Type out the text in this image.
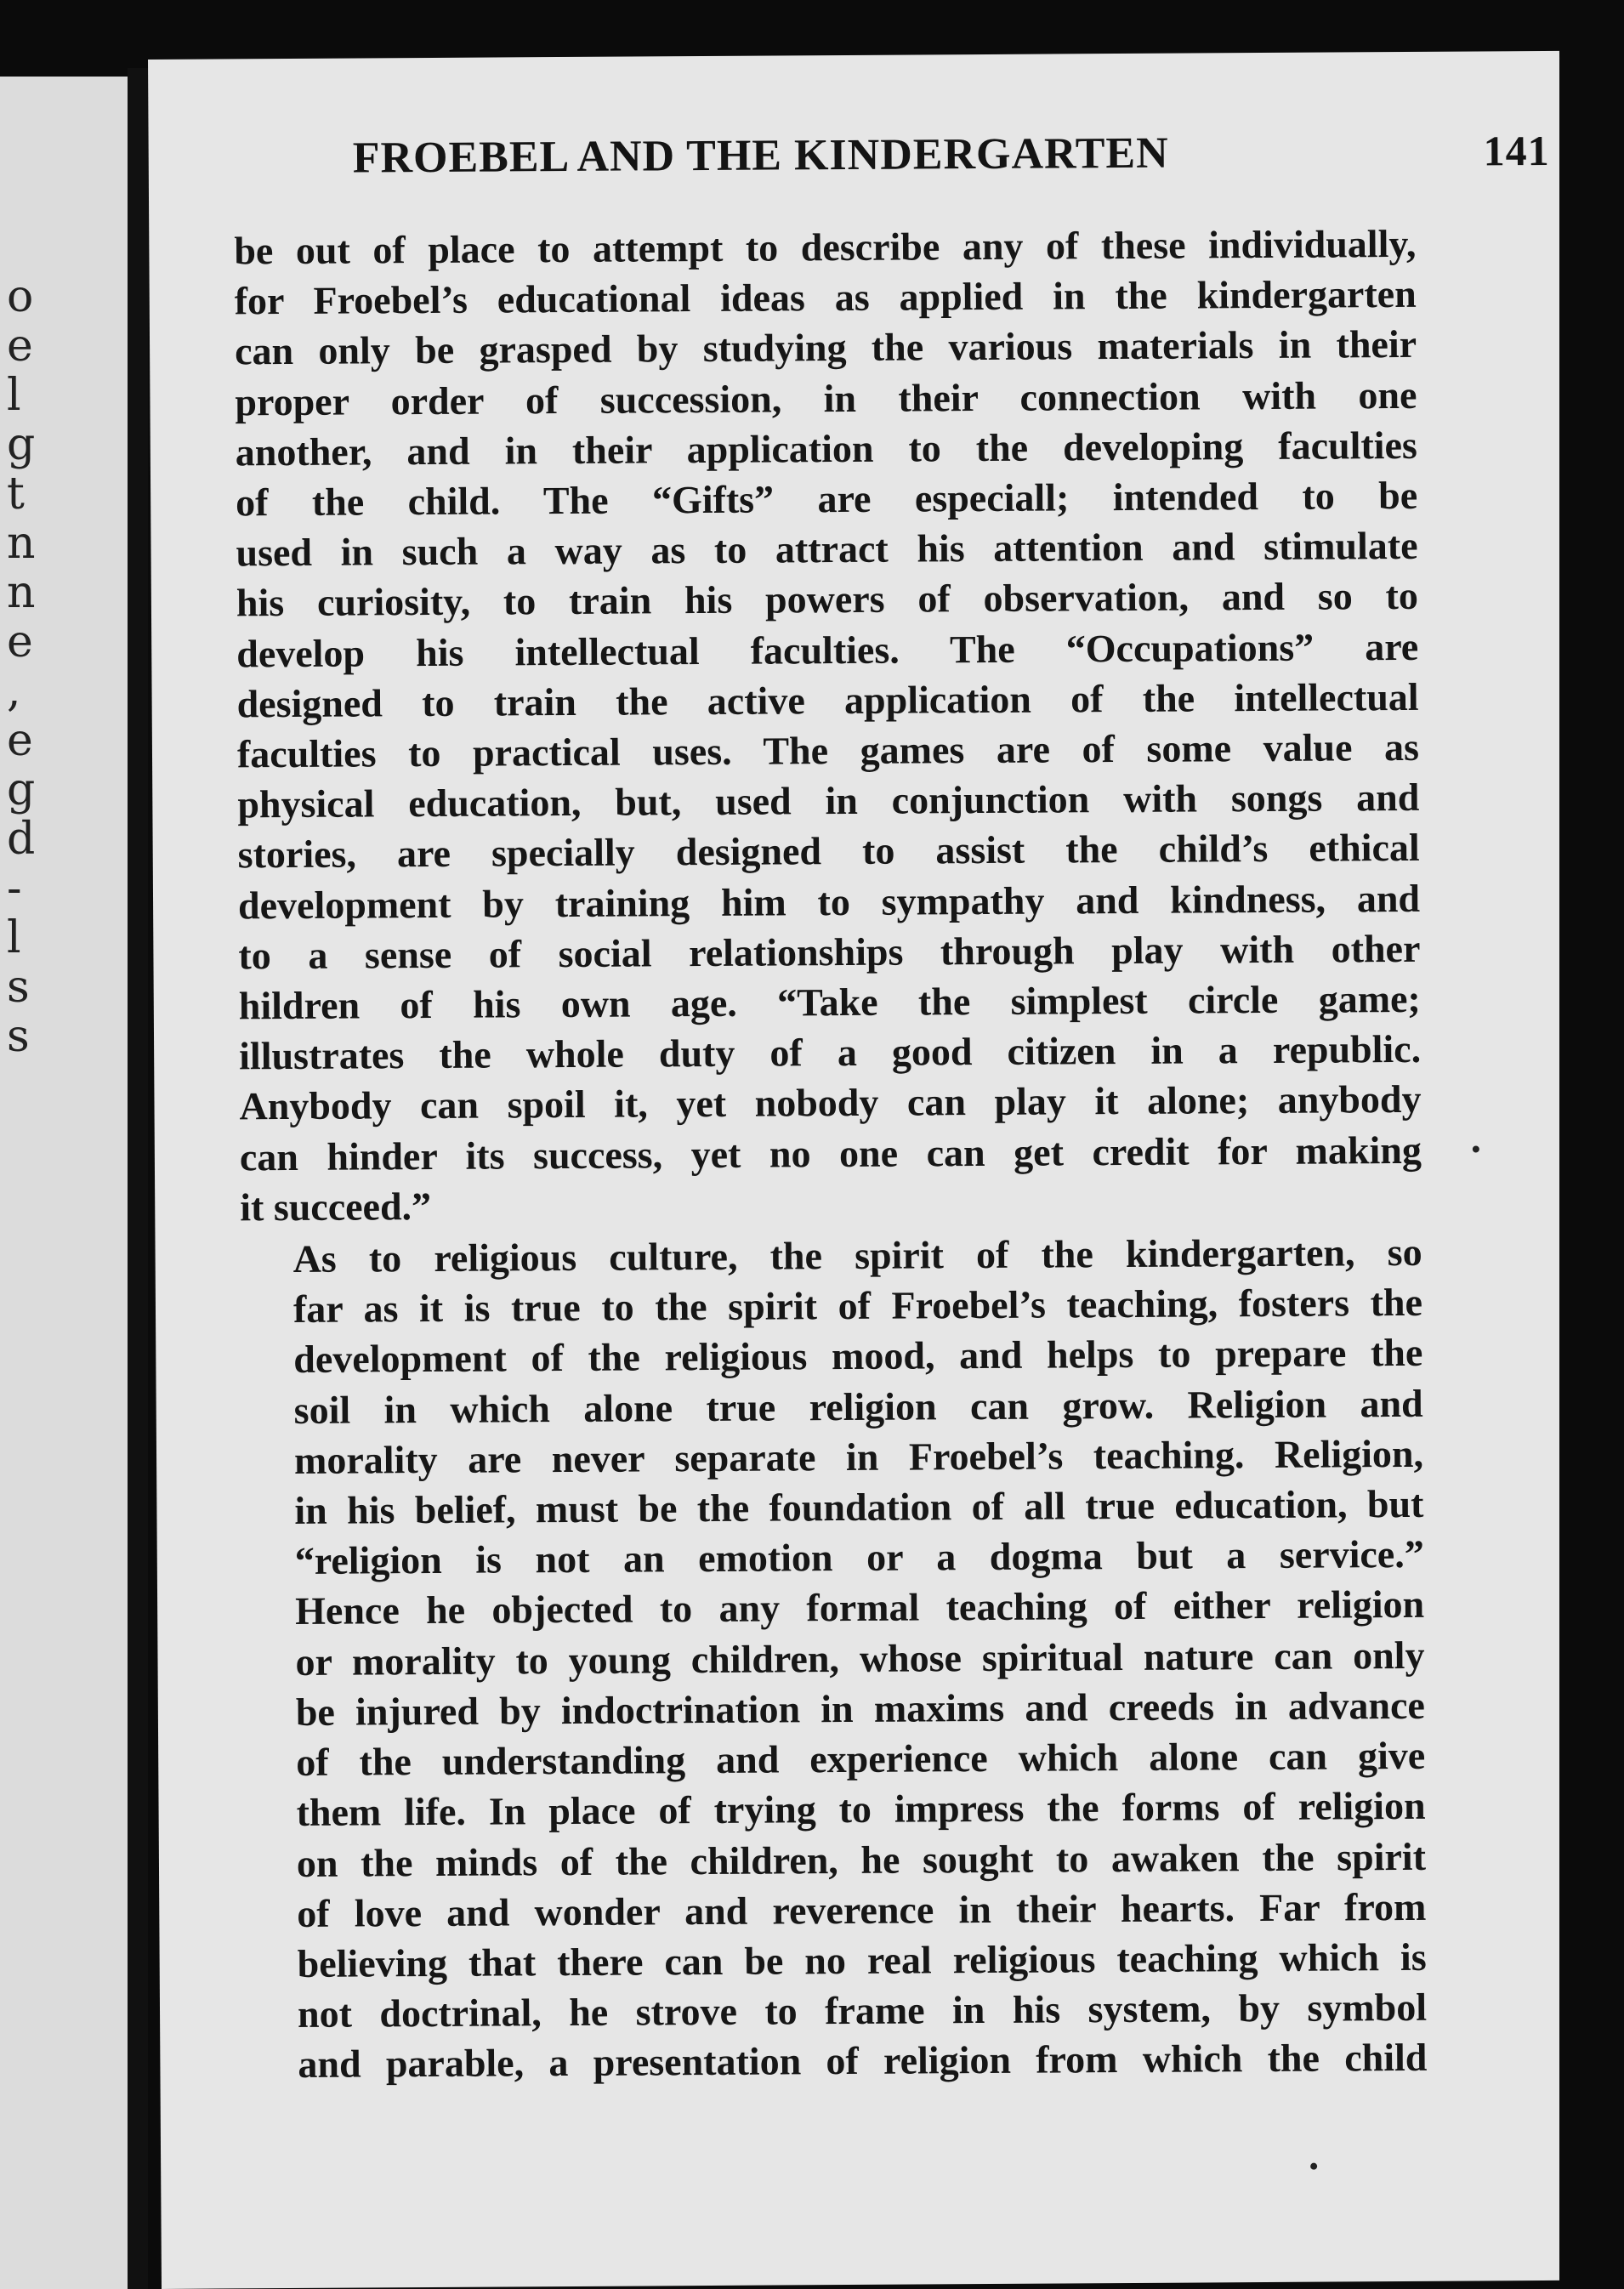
o
e
l
g
t
n
n
e
,
e
g
d
-
l
s
s
FROEBEL AND THE KINDERGARTEN	141

be out of place to attempt to describe any of these individually,
for Froebel’s educational ideas as applied in the kindergarten
can only be grasped by studying the various materials in their
proper order of succession, in their connection with one
another, and in their application to the developing faculties
of the child. The “Gifts” are especiall; intended to be
used in such a way as to attract his attention and stimulate
his curiosity, to train his powers of observation, and so to
develop his intellectual faculties. The “Occupations” are
designed to train the active application of the intellectual
faculties to practical uses. The games are of some value as
physical education, but, used in conjunction with songs and
stories, are specially designed to assist the child’s ethical
development by training him to sympathy and kindness, and
to a sense of social relationships through play with other
hildren of his own age. “Take the simplest circle game;
illustrates the whole duty of a good citizen in a republic.
Anybody can spoil it, yet nobody can play it alone; anybody
can hinder its success, yet no one can get credit for making
it succeed.”

As to religious culture, the spirit of the kindergarten, so
far as it is true to the spirit of Froebel’s teaching, fosters the
development of the religious mood, and helps to prepare the
soil in which alone true religion can grow. Religion and
morality are never separate in Froebel’s teaching. Religion,
in his belief, must be the foundation of all true education, but
“religion is not an emotion or a dogma but a service.”
Hence he objected to any formal teaching of either religion
or morality to young children, whose spiritual nature can only
be injured by indoctrination in maxims and creeds in advance
of the understanding and experience which alone can give
them life. In place of trying to impress the forms of religion
on the minds of the children, he sought to awaken the spirit
of love and wonder and reverence in their hearts. Far from
believing that there can be no real religious teaching which is
not doctrinal, he strove to frame in his system, by symbol
and parable, a presentation of religion from which the child
